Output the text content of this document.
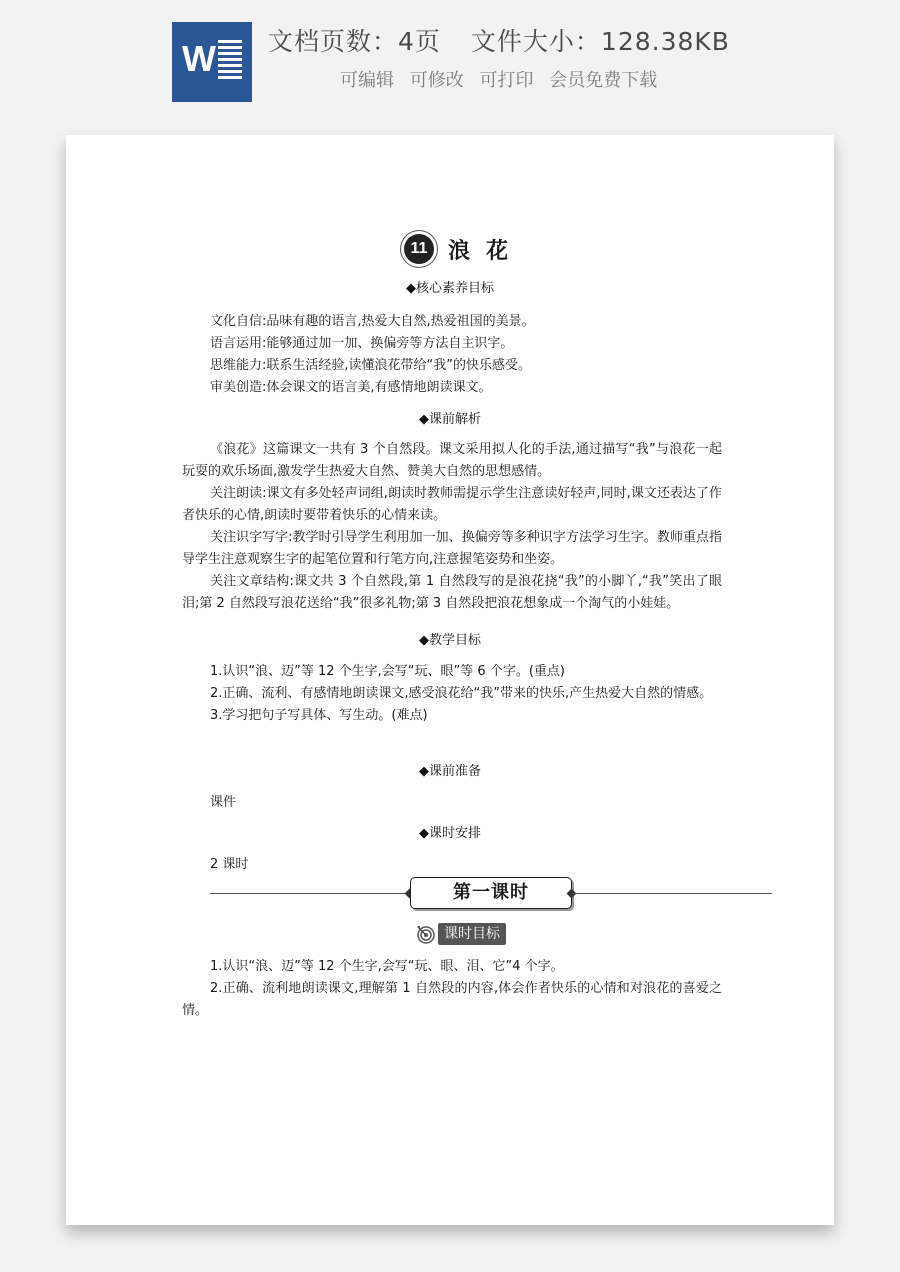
W 文档页数：4页 文件大小：128.38KB
可编辑 可修改 可打印 会员免费下载
11 浪花
◆核心素养目标
文化自信:品味有趣的语言,热爱大自然,热爱祖国的美景。
语言运用:能够通过加一加、换偏旁等方法自主识字。
思维能力:联系生活经验,读懂浪花带给“我”的快乐感受。
审美创造:体会课文的语言美,有感情地朗读课文。
◆课前解析

《浪花》这篇课文一共有 3 个自然段。课文采用拟人化的手法,通过描写“我”与浪花一起玩耍的欢乐场面,激发学生热爱大自然、赞美大自然的思想感情。

关注朗读:课文有多处轻声词组,朗读时教师需提示学生注意读好轻声,同时,课文还表达了作者快乐的心情,朗读时要带着快乐的心情来读。

关注识字写字:教学时引导学生利用加一加、换偏旁等多种识字方法学习生字。教师重点指导学生注意观察生字的起笔位置和行笔方向,注意握笔姿势和坐姿。

关注文章结构:课文共 3 个自然段,第 1 自然段写的是浪花挠“我”的小脚丫,“我”笑出了眼泪;第 2 自然段写浪花送给“我”很多礼物;第 3 自然段把浪花想象成一个淘气的小娃娃。

◆教学目标

1.认识“浪、迈”等 12 个生字,会写“玩、眼”等 6 个字。(重点)

2.正确、流利、有感情地朗读课文,感受浪花给“我”带来的快乐,产生热爱大自然的情感。

3.学习把句子写具体、写生动。(难点)

◆课前准备
课件
◆课时安排
2 课时
第一课时
课时目标

1.认识“浪、迈”等 12 个生字,会写“玩、眼、泪、它”4 个字。

2.正确、流利地朗读课文,理解第 1 自然段的内容,体会作者快乐的心情和对浪花的喜爱之情。
